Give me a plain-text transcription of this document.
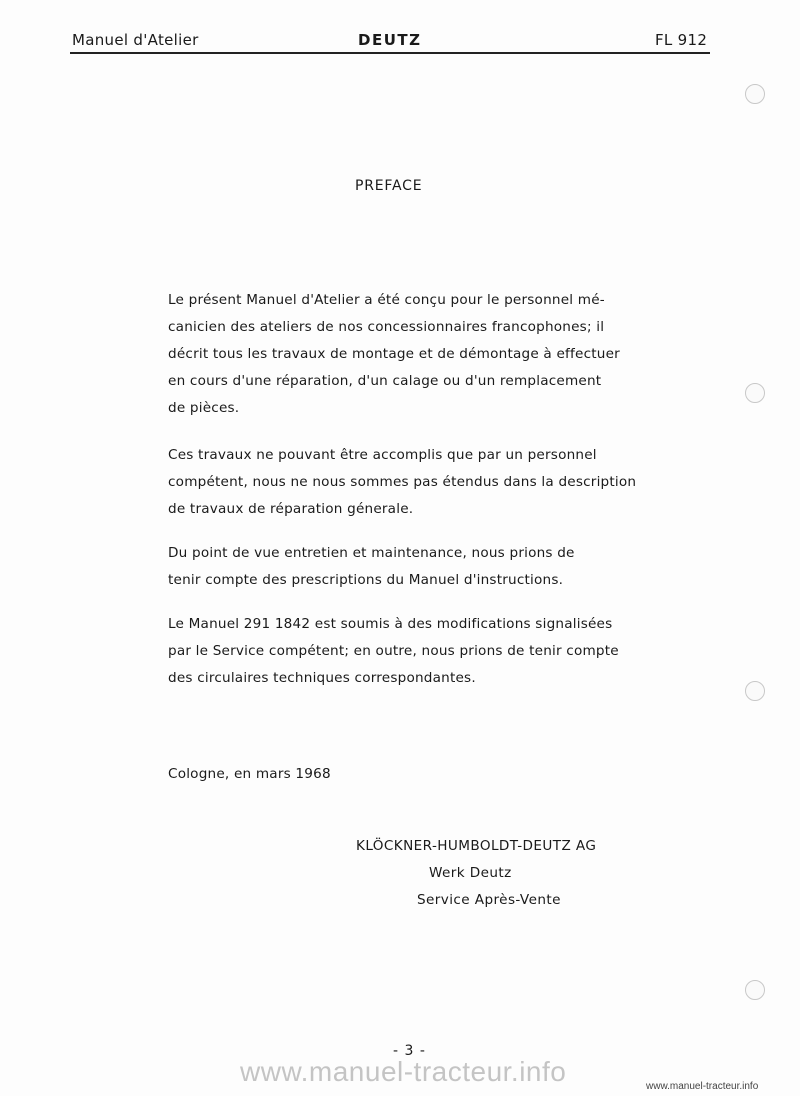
Manuel d'Atelier	DEUTZ	FL 912
PREFACE
Le présent Manuel d'Atelier a été conçu pour le personnel mé-
canicien des ateliers de nos concessionnaires francophones; il
décrit tous les travaux de montage et de démontage à effectuer
en cours d'une réparation, d'un calage ou d'un remplacement
de pièces.
Ces travaux ne pouvant être accomplis que par un personnel
compétent, nous ne nous sommes pas étendus dans la description
de travaux de réparation génerale.
Du point de vue entretien et maintenance, nous prions de
tenir compte des prescriptions du Manuel d'instructions.
Le Manuel 291 1842 est soumis à des modifications signalisées
par le Service compétent; en outre, nous prions de tenir compte
des circulaires techniques correspondantes.
Cologne, en mars 1968
KLÖCKNER-HUMBOLDT-DEUTZ AG
Werk Deutz
Service Après-Vente
- 3 -
www.manuel-tracteur.info	www.manuel-tracteur.info
